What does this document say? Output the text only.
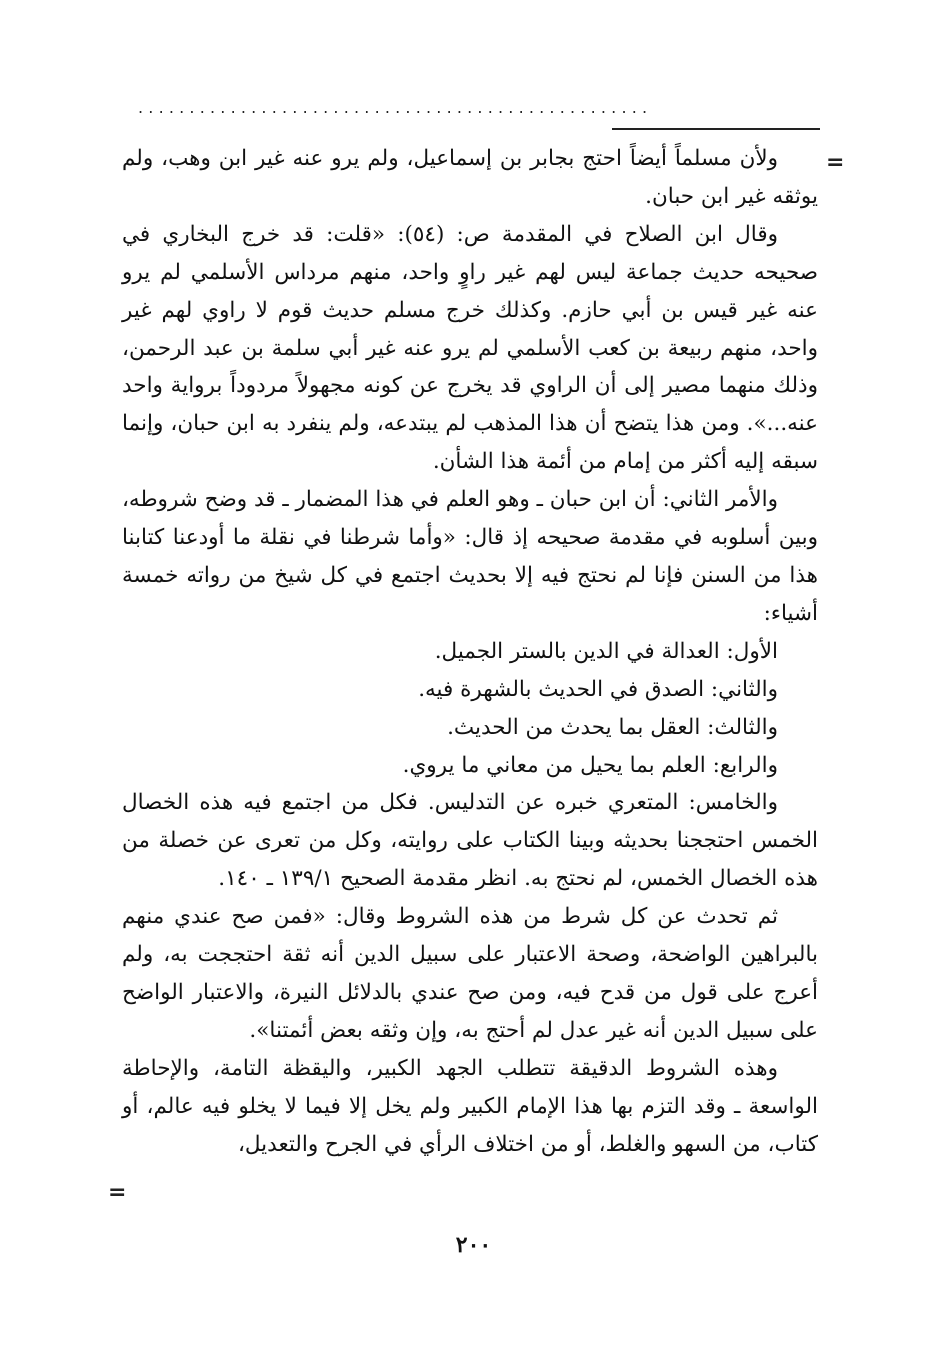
..................................................
=

ولأن مسلماً أيضاً احتج بجابر بن إسماعيل، ولم يرو عنه غير ابن وهب، ولم يوثقه غير ابن حبان.

وقال ابن الصلاح في المقدمة ص: (٥٤): «قلت: قد خرج البخاري في صحيحه حديث جماعة ليس لهم غير راوٍ واحد، منهم مرداس الأسلمي لم يرو عنه غير قيس بن أبي حازم. وكذلك خرج مسلم حديث قوم لا راوي لهم غير واحد، منهم ربيعة بن كعب الأسلمي لم يرو عنه غير أبي سلمة بن عبد الرحمن، وذلك منهما مصير إلى أن الراوي قد يخرج عن كونه مجهولاً مردوداً برواية واحد عنه...». ومن هذا يتضح أن هذا المذهب لم يبتدعه، ولم ينفرد به ابن حبان، وإنما سبقه إليه أكثر من إمام من أئمة هذا الشأن.

والأمر الثاني: أن ابن حبان ـ وهو العلم في هذا المضمار ـ قد وضح شروطه، وبين أسلوبه في مقدمة صحيحه إذ قال: «وأما شرطنا في نقلة ما أودعنا كتابنا هذا من السنن فإنا لم نحتج فيه إلا بحديث اجتمع في كل شيخ من رواته خمسة أشياء:

الأول: العدالة في الدين بالستر الجميل.

والثاني: الصدق في الحديث بالشهرة فيه.

والثالث: العقل بما يحدث من الحديث.

والرابع: العلم بما يحيل من معاني ما يروي.

والخامس: المتعري خبره عن التدليس. فكل من اجتمع فيه هذه الخصال الخمس احتججنا بحديثه وبينا الكتاب على روايته، وكل من تعرى عن خصلة من هذه الخصال الخمس، لم نحتج به. انظر مقدمة الصحيح ١٣٩/١ ـ ١٤٠.

ثم تحدث عن كل شرط من هذه الشروط وقال: «فمن صح عندي منهم بالبراهين الواضحة، وصحة الاعتبار على سبيل الدين أنه ثقة احتججت به، ولم أعرج على قول من قدح فيه، ومن صح عندي بالدلائل النيرة، والاعتبار الواضح على سبيل الدين أنه غير عدل لم أحتج به، وإن وثقه بعض أئمتنا».

وهذه الشروط الدقيقة تتطلب الجهد الكبير، واليقظة التامة، والإحاطة الواسعة ـ وقد التزم بها هذا الإمام الكبير ولم يخل إلا فيما لا يخلو فيه عالم، أو كتاب، من السهو والغلط، أو من اختلاف الرأي في الجرح والتعديل،

=
٢٠٠
